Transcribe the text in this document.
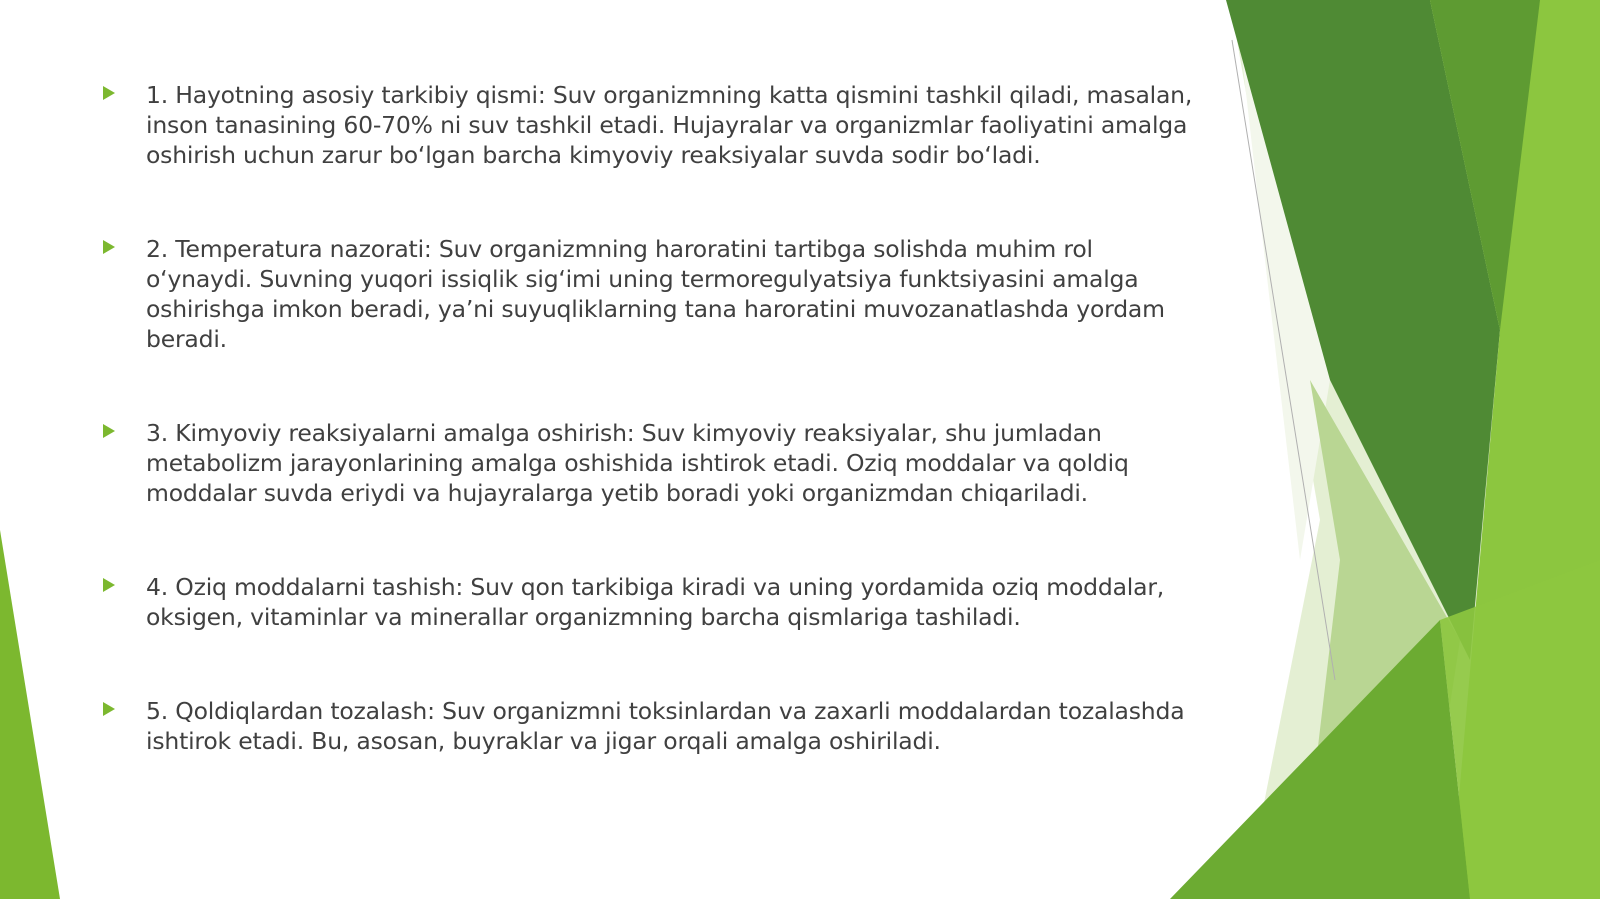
1. Hayotning asosiy tarkibiy qismi: Suv organizmning katta qismini tashkil qiladi, masalan, inson tanasining 60-70% ni suv tashkil etadi. Hujayralar va organizmlar faoliyatini amalga oshirish uchun zarur bo‘lgan barcha kimyoviy reaksiyalar suvda sodir bo‘ladi.
2. Temperatura nazorati: Suv organizmning haroratini tartibga solishda muhim rol o‘ynaydi. Suvning yuqori issiqlik sig‘imi uning termoregulyatsiya funktsiyasini amalga oshirishga imkon beradi, ya’ni suyuqliklarning tana haroratini muvozanatlashda yordam beradi.
3. Kimyoviy reaksiyalarni amalga oshirish: Suv kimyoviy reaksiyalar, shu jumladan metabolizm jarayonlarining amalga oshishida ishtirok etadi. Oziq moddalar va qoldiq moddalar suvda eriydi va hujayralarga yetib boradi yoki organizmdan chiqariladi.
4. Oziq moddalarni tashish: Suv qon tarkibiga kiradi va uning yordamida oziq moddalar, oksigen, vitaminlar va minerallar organizmning barcha qismlariga tashiladi.
5. Qoldiqlardan tozalash: Suv organizmni toksinlardan va zaxarli moddalardan tozalashda ishtirok etadi. Bu, asosan, buyraklar va jigar orqali amalga oshiriladi.
